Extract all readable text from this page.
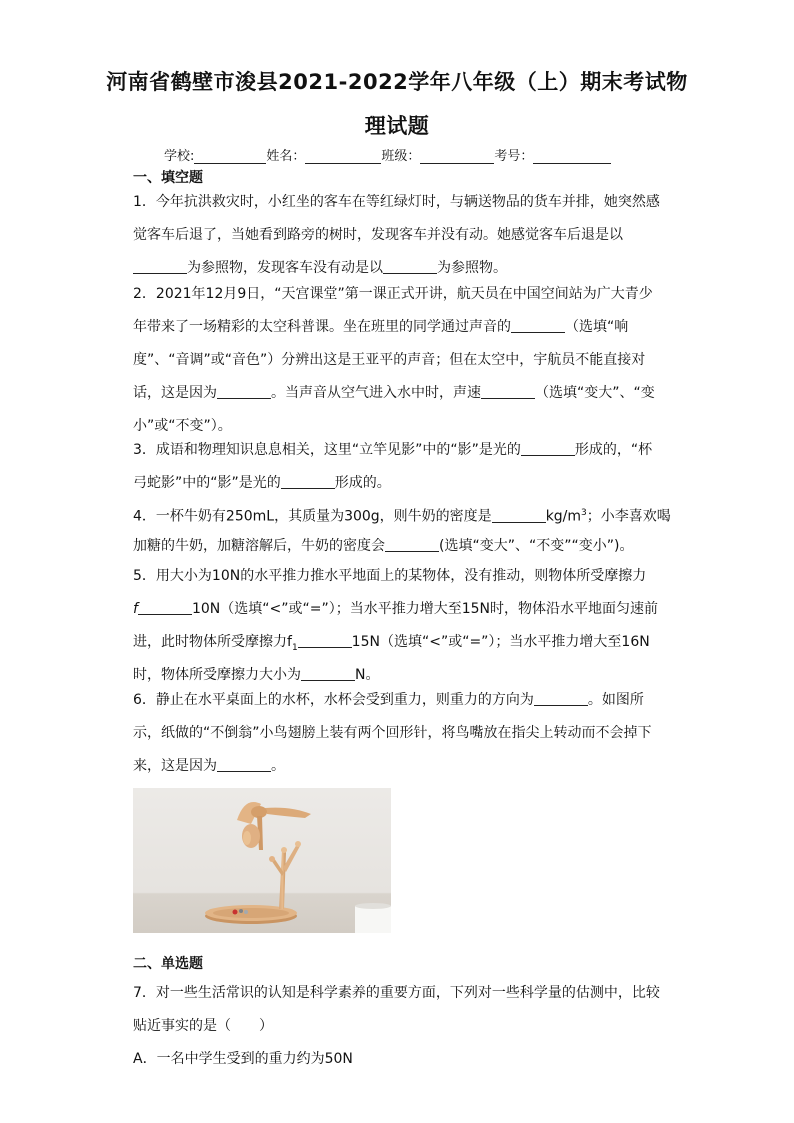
河南省鹤壁市浚县2021-2022学年八年级（上）期末考试物
理试题
学校:	姓名：	班级：	考号：
一、填空题
1．今年抗洪救灾时，小红坐的客车在等红绿灯时，与辆送物品的货车并排，她突然感
觉客车后退了，当她看到路旁的树时，发现客车并没有动。她感觉客车后退是以
为参照物，发现客车没有动是以	为参照物。
2．2021年12月9日，“天宫课堂”第一课正式开讲，航天员在中国空间站为广大青少
年带来了一场精彩的太空科普课。坐在班里的同学通过声音的	（选填“响
度”、“音调”或“音色”）分辨出这是王亚平的声音；但在太空中，宇航员不能直接对
话，这是因为	。当声音从空气进入水中时，声速	（选填“变大”、“变
小”或“不变”）。
3．成语和物理知识息息相关，这里“立竿见影”中的“影”是光的	形成的，“杯
弓蛇影”中的“影”是光的	形成的。
4．一杯牛奶有250mL，其质量为300g，则牛奶的密度是	$kg/m^3$；小李喜欢喝
加糖的牛奶，加糖溶解后，牛奶的密度会	(选填“变大”、“不变”“变小”)。
5．用大小为10N的水平推力推水平地面上的某物体，没有推动，则物体所受摩擦力
f	10N（选填“<”或“=”）；当水平推力增大至15N时，物体沿水平地面匀速前
进，此时物体所受摩擦力$f_1$	15N（选填“<”或“=”）；当水平推力增大至16N
时，物体所受摩擦力大小为	N。
6．静止在水平桌面上的水杯，水杯会受到重力，则重力的方向为	。如图所
示，纸做的“不倒翁”小鸟翅膀上装有两个回形针，将鸟嘴放在指尖上转动而不会掉下
来，这是因为	。
二、单选题
7．对一些生活常识的认知是科学素养的重要方面，下列对一些科学量的估测中，比较
贴近事实的是（　　）
A．一名中学生受到的重力约为50N
